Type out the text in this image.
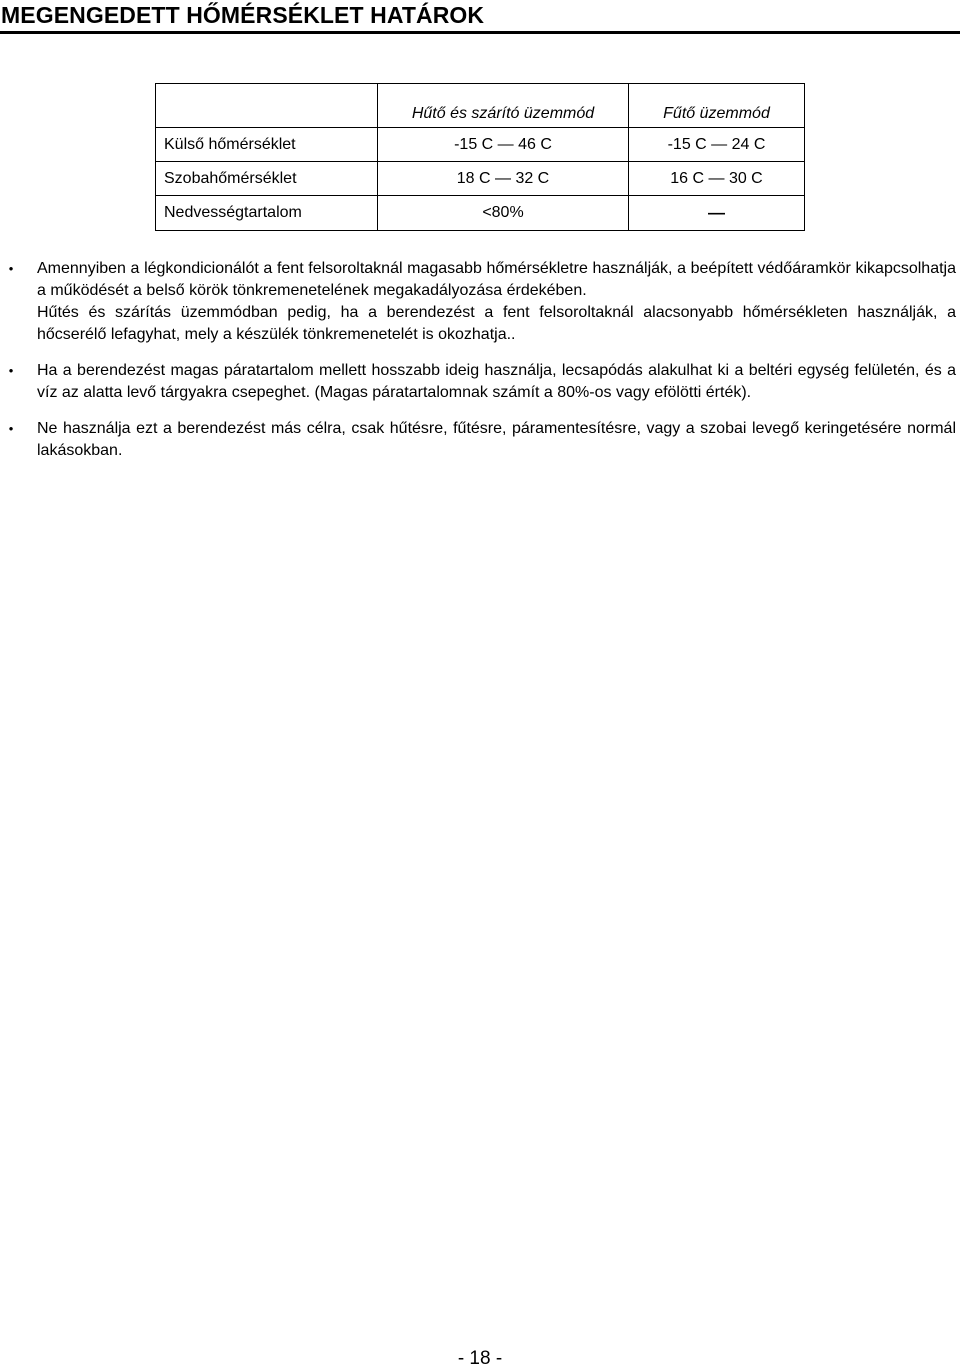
MEGENGEDETT HŐMÉRSÉKLET HATÁROK
	Hűtő és szárító üzemmód	Fűtő üzemmód
Külső hőmérséklet	-15 C — 46 C	-15 C — 24 C
Szobahőmérséklet	18 C — 32 C	16 C — 30 C
Nedvességtartalom	<80%	—
• Amennyiben a légkondicionálót a fent felsoroltaknál magasabb hőmérsékletre használják, a beépített védőáramkör kikapcsolhatja a működését a belső körök tönkremenetelének megakadályozása érdekében.
Hűtés és szárítás üzemmódban pedig, ha a berendezést a fent felsoroltaknál alacsonyabb hőmérsékleten használják, a hőcserélő lefagyhat, mely a készülék tönkremenetelét is okozhatja..
• Ha a berendezést magas páratartalom mellett hosszabb ideig használja, lecsapódás alakulhat ki a beltéri egység felületén, és a víz az alatta levő tárgyakra csepeghet. (Magas páratartalomnak számít a 80%-os vagy efölötti érték).
• Ne használja ezt a berendezést más célra, csak hűtésre, fűtésre, páramentesítésre, vagy a szobai levegő keringetésére normál lakásokban.
- 18 -
